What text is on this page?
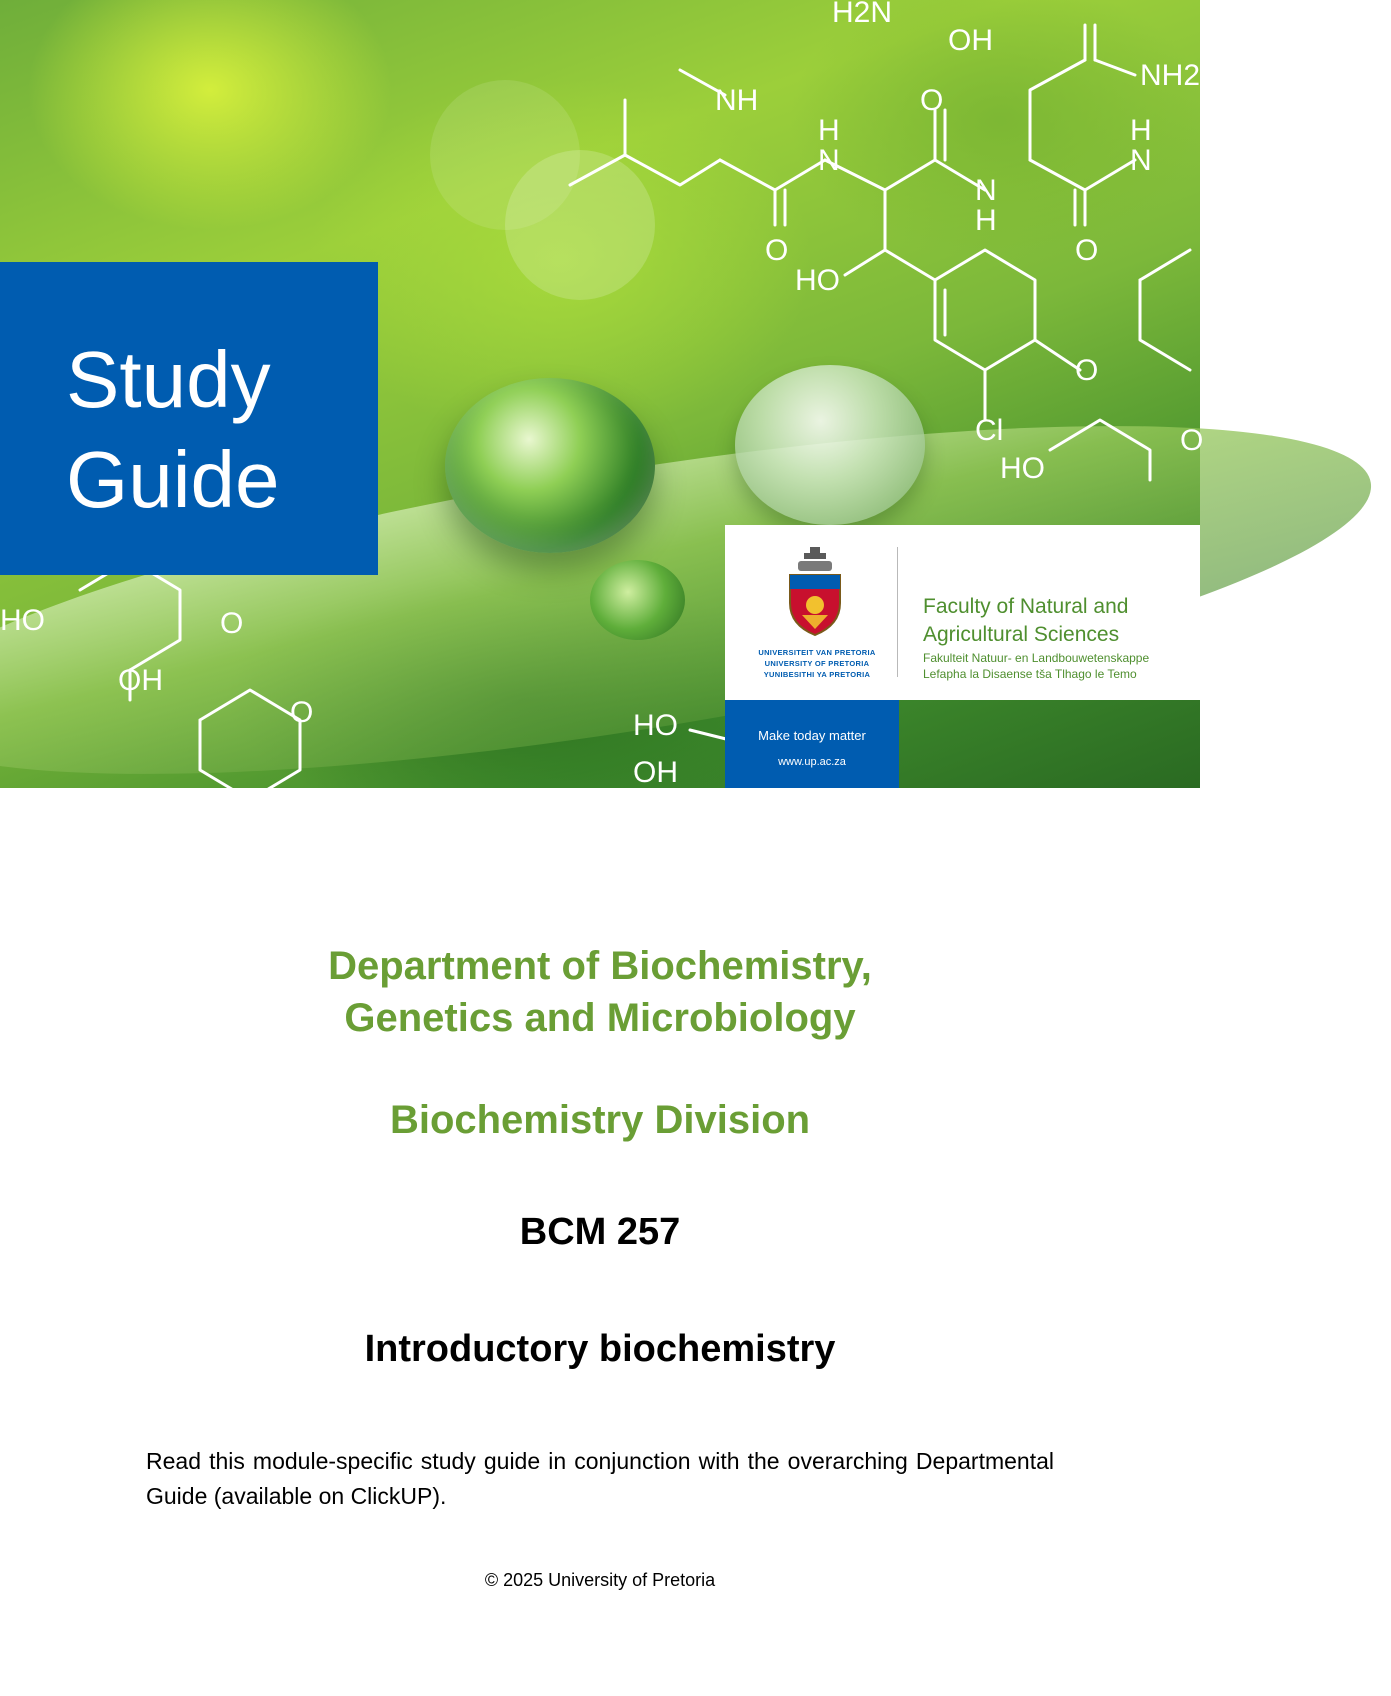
H2N
OH
NH2
NH	O
H
N
N
H
O
H
N
O
HO
O
O
Cl
HO
HO	O
OH
O	HO
OH
Study
Guide
UNIVERSITEIT VAN PRETORIA
UNIVERSITY OF PRETORIA
YUNIBESITHI YA PRETORIA
Faculty of Natural and
Agricultural Sciences
Fakulteit Natuur- en Landbouwetenskappe
Lefapha la Disaense tša Tlhago le Temo
Make today matter
www.up.ac.za
Department of Biochemistry,
Genetics and Microbiology
Biochemistry Division
BCM 257
Introductory biochemistry

Read this module-specific study guide in conjunction with the overarching Departmental Guide (available on ClickUP).

© 2025 University of Pretoria
